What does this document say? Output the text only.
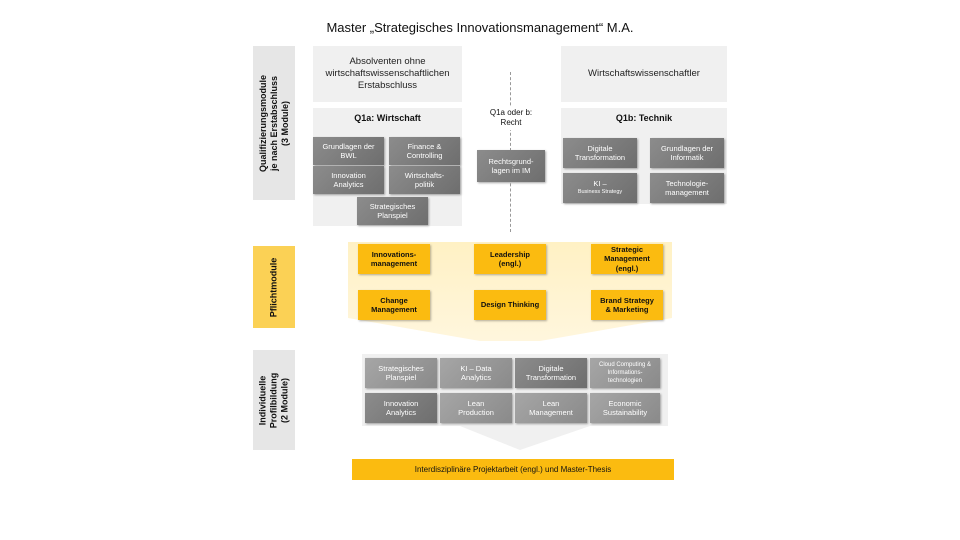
Master „Strategisches Innovationsmanagement“ M.A.
Qualifizierungsmodule je nach Erstabschluss (3 Module)
Pflichtmodule
Individuelle Profilbildung (2 Module)
Absolventen ohne
wirtschaftswissenschaftlichen
Erstabschluss
Q1a: Wirtschaft
Grundlagen der
BWL
Finance &
Controlling
Innovation
Analytics
Wirtschafts-
politik
Strategisches
Planspiel
Q1a oder b:
Recht
Rechtsgrund-
lagen im IM
Wirtschaftswissenschaftler
Q1b: Technik
Digitale
Transformation
Grundlagen der
Informatik
KI –
Business Strategy
Technologie-
management
Innovations-
management
Leadership
(engl.)
Strategic
Management
(engl.)
Change
Management
Design Thinking
Brand Strategy
& Marketing
Strategisches
Planspiel
KI – Data
Analytics
Digitale
Transformation
Cloud Computing &
Informations-
technologien
Innovation
Analytics
Lean
Production
Lean
Management
Economic
Sustainability
Interdisziplinäre Projektarbeit (engl.) und Master-Thesis
